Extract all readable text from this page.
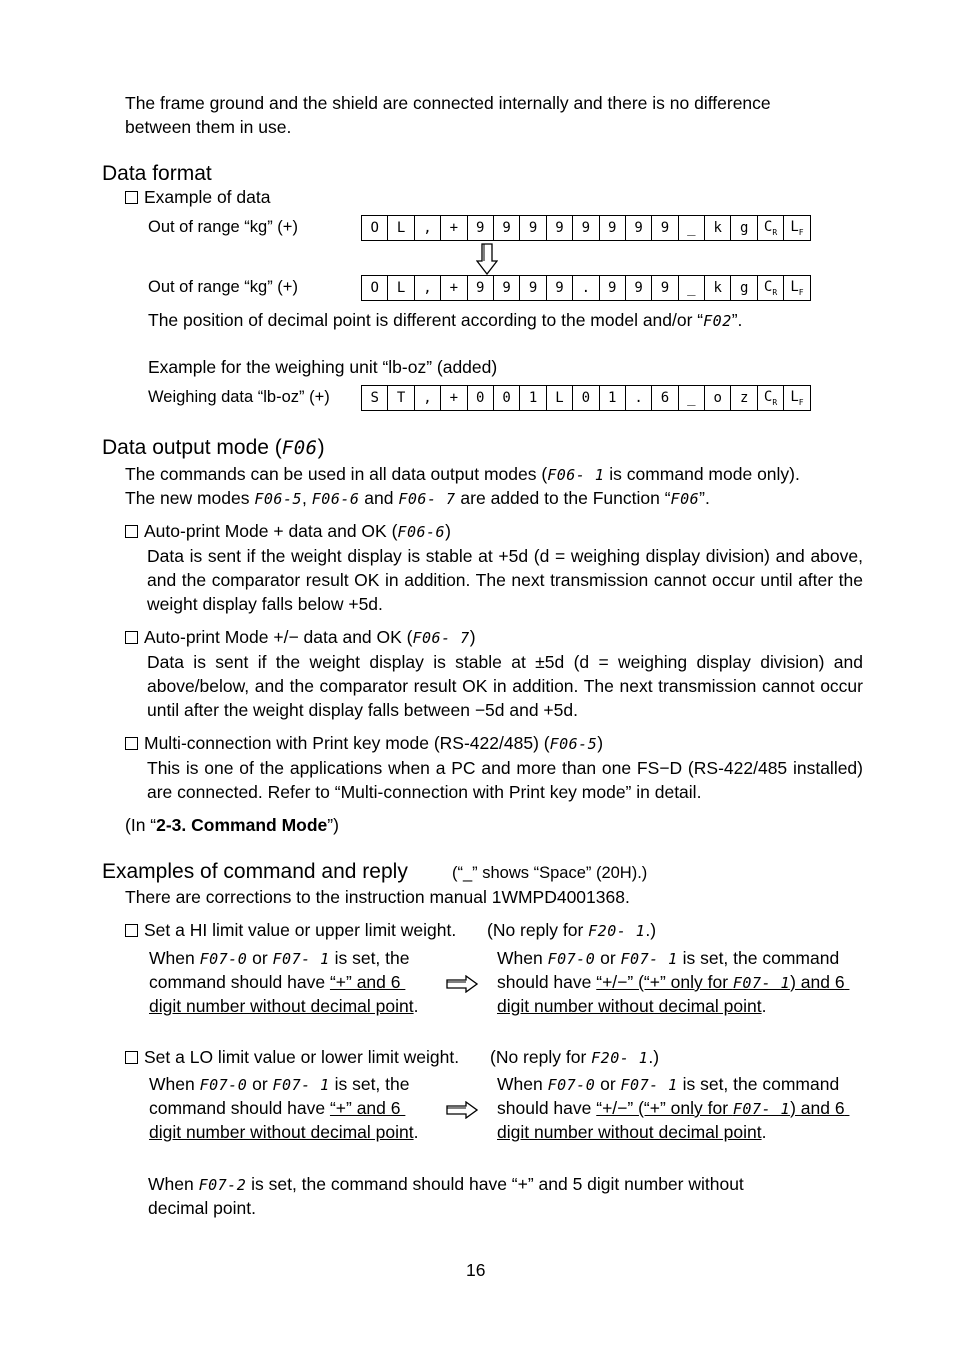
The frame ground and the shield are connected internally and there is no difference
between them in use.
Data format
Example of data
Out of range “kg” (+)	O	L	,	+	9	9	9	9	9	9	9	9	_	k	g	$C_R$	$L_F$
Out of range “kg” (+)	O	L	,	+	9	9	9	9	.	9	9	9	_	k	g	$C_R$	$L_F$
The position of decimal point is different according to the model and/or “F02”.
Example for the weighing unit “lb-oz” (added)
Weighing data “lb-oz” (+)	S	T	,	+	0	0	1	L	0	1	.	6	_	o	z	$C_R$	$L_F$
Data output mode (F06)
The commands can be used in all data output modes (F06- 1 is command mode only).
The new modes F06-5, F06-6 and F06- 7 are added to the Function “F06”.
Auto-print Mode + data and OK (F06-6)
Data is sent if the weight display is stable at +5d (d = weighing display division) and above, and the comparator result OK in addition. The next transmission cannot occur until after the weight display falls below +5d.
Auto-print Mode +/− data and OK (F06- 7)
Data is sent if the weight display is stable at ±5d (d = weighing display division) and above/below, and the comparator result OK in addition. The next transmission cannot occur until after the weight display falls between −5d and +5d.
Multi-connection with Print key mode (RS-422/485) (F06-5)
This is one of the applications when a PC and more than one FS−D (RS-422/485 installed) are connected. Refer to “Multi-connection with Print key mode” in detail.
(In “2-3. Command Mode”)
Examples of command and reply	(“_” shows “Space” (20H).)
There are corrections to the instruction manual 1WMPD4001368.
Set a HI limit value or upper limit weight. (No reply for F20- 1.)
When F07-0 or F07- 1 is set, the
command should have “+” and 6
digit number without decimal point.
When F07-0 or F07- 1 is set, the command
should have “+/−” (“+” only for F07- 1) and 6
digit number without decimal point.
Set a LO limit value or lower limit weight. (No reply for F20- 1.)
When F07-0 or F07- 1 is set, the
command should have “+” and 6
digit number without decimal point.
When F07-0 or F07- 1 is set, the command
should have “+/−” (“+” only for F07- 1) and 6
digit number without decimal point.
When F07-2 is set, the command should have “+” and 5 digit number without
decimal point.
16
